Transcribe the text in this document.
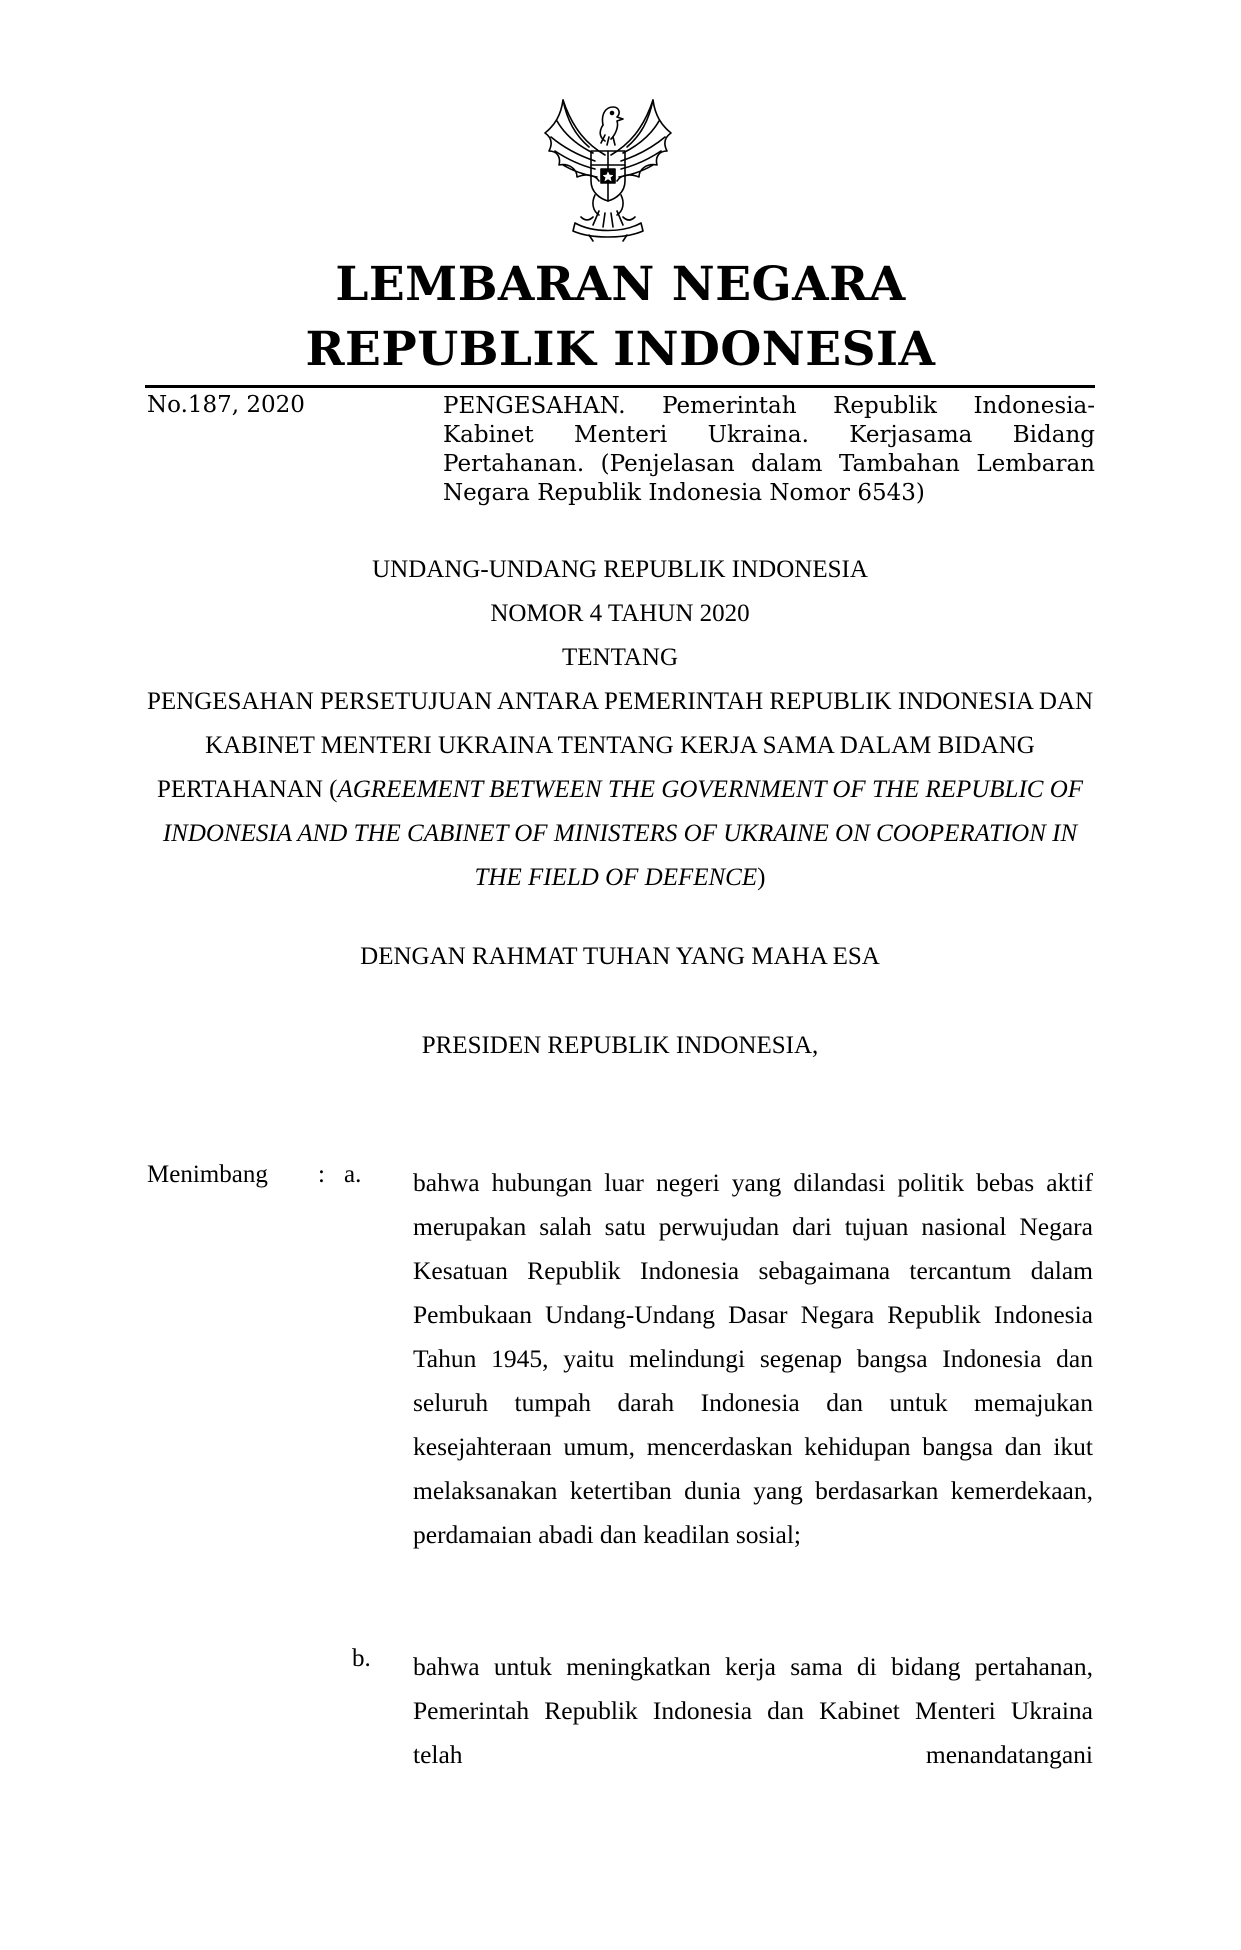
LEMBARAN NEGARA
REPUBLIK INDONESIA
No.187, 2020	PENGESAHAN. Pemerintah Republik Indonesia-Kabinet Menteri Ukraina. Kerjasama Bidang Pertahanan. (Penjelasan dalam Tambahan Lembaran Negara Republik Indonesia Nomor 6543)
UNDANG-UNDANG REPUBLIK INDONESIA
NOMOR 4 TAHUN 2020
TENTANG
PENGESAHAN PERSETUJUAN ANTARA PEMERINTAH REPUBLIK INDONESIA DAN KABINET MENTERI UKRAINA TENTANG KERJA SAMA DALAM BIDANG PERTAHANAN (AGREEMENT BETWEEN THE GOVERNMENT OF THE REPUBLIC OF INDONESIA AND THE CABINET OF MINISTERS OF UKRAINE ON COOPERATION IN THE FIELD OF DEFENCE)
DENGAN RAHMAT TUHAN YANG MAHA ESA
PRESIDEN REPUBLIK INDONESIA,
Menimbang : a. bahwa hubungan luar negeri yang dilandasi politik bebas aktif merupakan salah satu perwujudan dari tujuan nasional Negara Kesatuan Republik Indonesia sebagaimana tercantum dalam Pembukaan Undang-Undang Dasar Negara Republik Indonesia Tahun 1945, yaitu melindungi segenap bangsa Indonesia dan seluruh tumpah darah Indonesia dan untuk memajukan kesejahteraan umum, mencerdaskan kehidupan bangsa dan ikut melaksanakan ketertiban dunia yang berdasarkan kemerdekaan, perdamaian abadi dan keadilan sosial;
b. bahwa untuk meningkatkan kerja sama di bidang pertahanan, Pemerintah Republik Indonesia dan Kabinet Menteri Ukraina telah menandatangani
